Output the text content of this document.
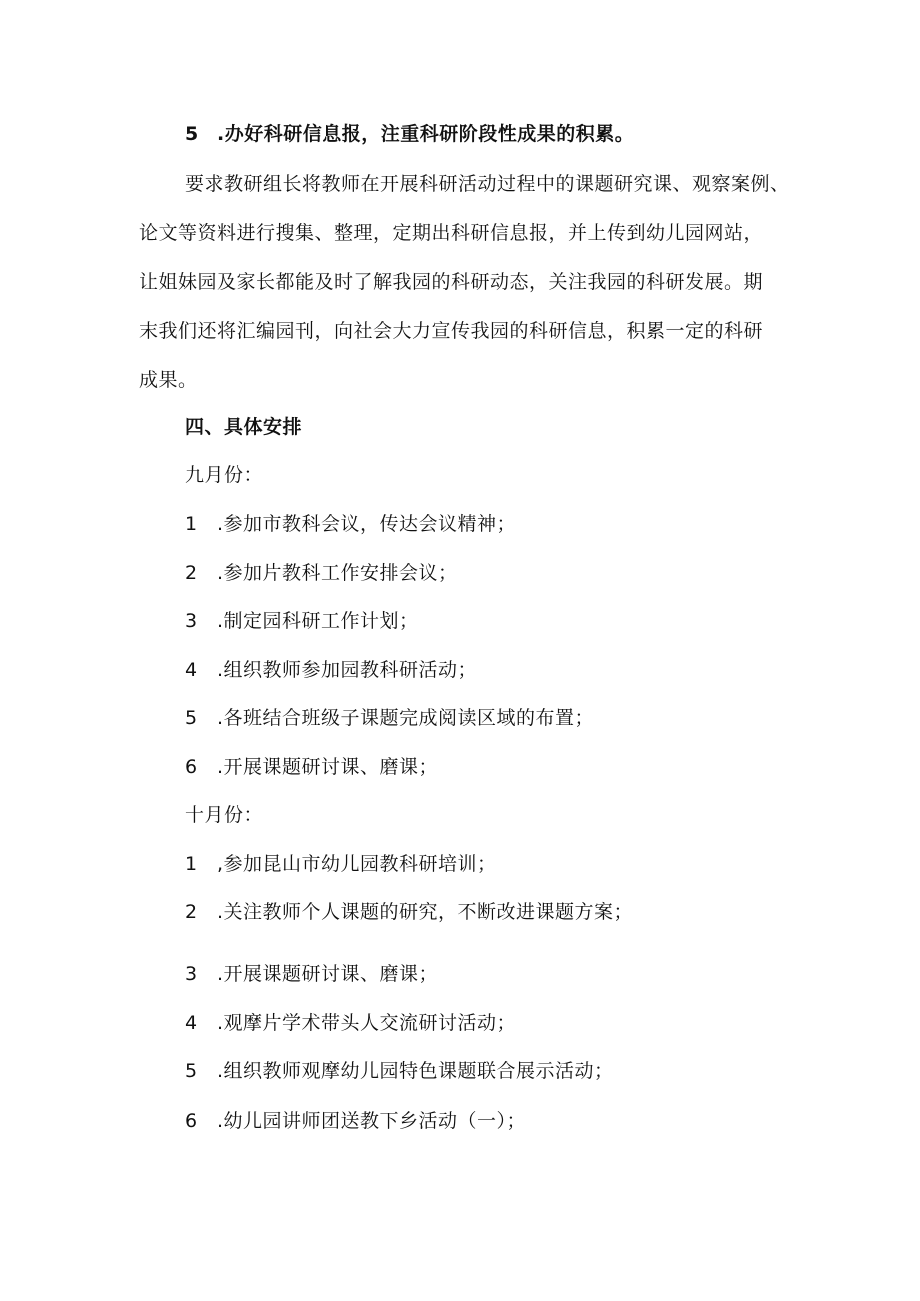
5 .办好科研信息报，注重科研阶段性成果的积累。
要求教研组长将教师在开展科研活动过程中的课题研究课、观察案例、
论文等资料进行搜集、整理，定期出科研信息报，并上传到幼儿园网站，
让姐妹园及家长都能及时了解我园的科研动态，关注我园的科研发展。期
末我们还将汇编园刊，向社会大力宣传我园的科研信息，积累一定的科研
成果。
四、具体安排
九月份：
1 .参加市教科会议，传达会议精神；
2 .参加片教科工作安排会议；
3 .制定园科研工作计划；
4 .组织教师参加园教科研活动；
5 .各班结合班级子课题完成阅读区域的布置；
6 .开展课题研讨课、磨课；
十月份：
1 ,参加昆山市幼儿园教科研培训；
2 .关注教师个人课题的研究，不断改进课题方案；
3 .开展课题研讨课、磨课；
4 .观摩片学术带头人交流研讨活动；
5 .组织教师观摩幼儿园特色课题联合展示活动；
6 .幼儿园讲师团送教下乡活动（一）；
